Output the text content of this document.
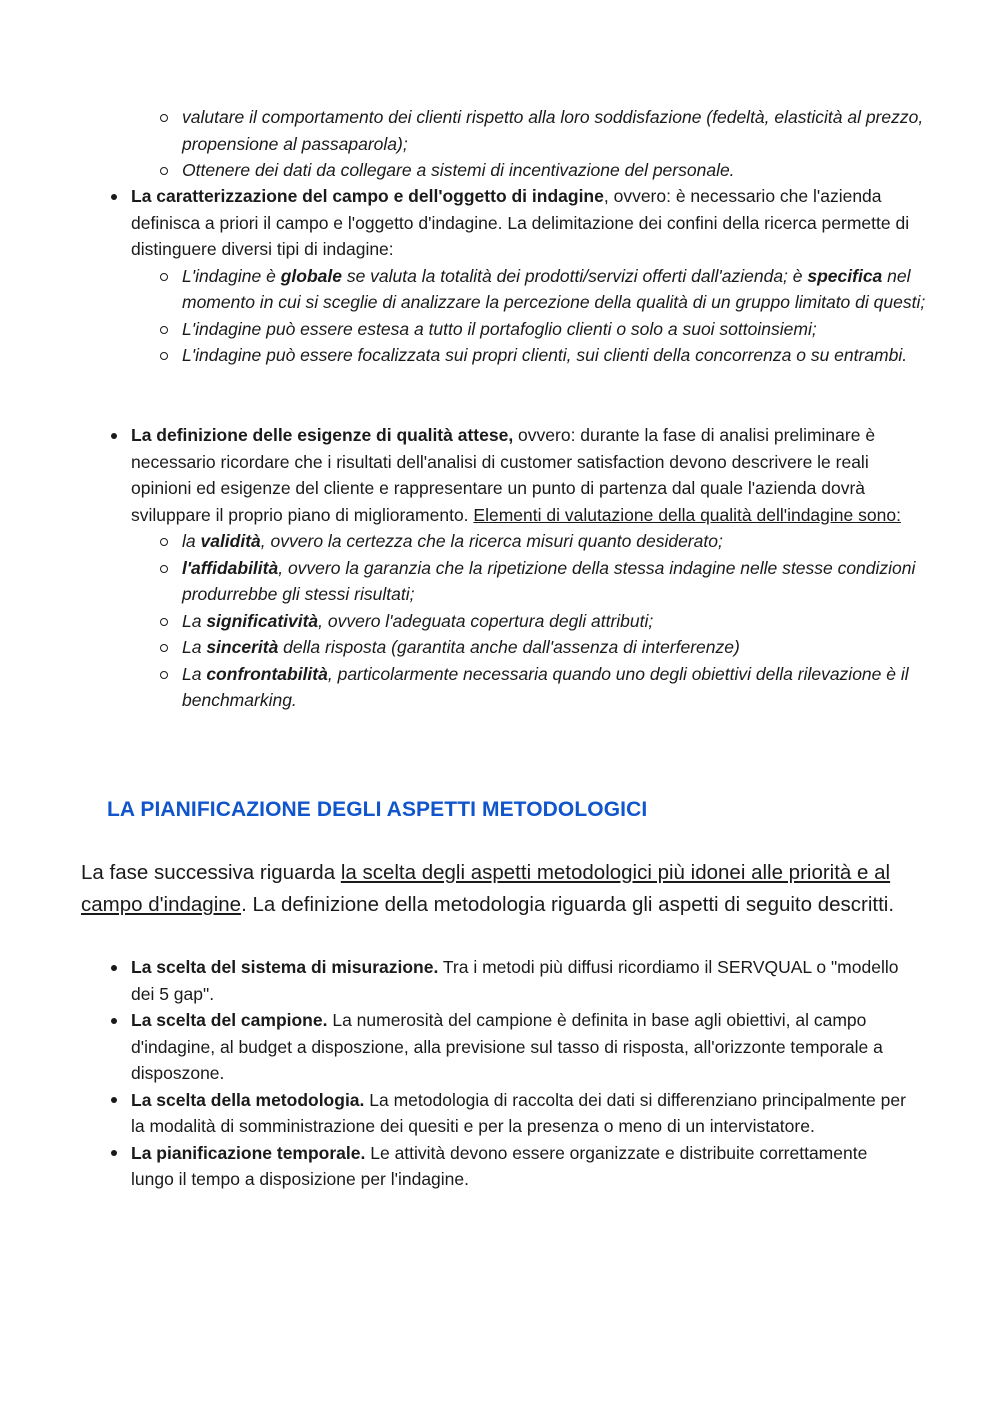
valutare il comportamento dei clienti rispetto alla loro soddisfazione (fedeltà, elasticità al prezzo, propensione al passaparola);
Ottenere dei dati da collegare a sistemi di incentivazione del personale.
La caratterizzazione del campo e dell'oggetto di indagine, ovvero: è necessario che l'azienda definisca a priori il campo e l'oggetto d'indagine. La delimitazione dei confini della ricerca permette di distinguere diversi tipi di indagine:
L'indagine è globale se valuta la totalità dei prodotti/servizi offerti dall'azienda; è specifica nel momento in cui si sceglie di analizzare la percezione della qualità di un gruppo limitato di questi;
L'indagine può essere estesa a tutto il portafoglio clienti o solo a suoi sottoinsiemi;
L'indagine può essere focalizzata sui propri clienti, sui clienti della concorrenza o su entrambi.
La definizione delle esigenze di qualità attese, ovvero: durante la fase di analisi preliminare è necessario ricordare che i risultati dell'analisi di customer satisfaction devono descrivere le reali opinioni ed esigenze del cliente e rappresentare un punto di partenza dal quale l'azienda dovrà sviluppare il proprio piano di miglioramento. Elementi di valutazione della qualità dell'indagine sono:
la validità, ovvero la certezza che la ricerca misuri quanto desiderato;
l'affidabilità, ovvero la garanzia che la ripetizione della stessa indagine nelle stesse condizioni produrrebbe gli stessi risultati;
La significatività, ovvero l'adeguata copertura degli attributi;
La sincerità della risposta (garantita anche dall'assenza di interferenze)
La confrontabilità, particolarmente necessaria quando uno degli obiettivi della rilevazione è il benchmarking.
LA PIANIFICAZIONE DEGLI ASPETTI METODOLOGICI
La fase successiva riguarda la scelta degli aspetti metodologici più idonei alle priorità e al campo d'indagine. La definizione della metodologia riguarda gli aspetti di seguito descritti.
La scelta del sistema di misurazione. Tra i metodi più diffusi ricordiamo il SERVQUAL o "modello dei 5 gap".
La scelta del campione. La numerosità del campione è definita in base agli obiettivi, al campo d'indagine, al budget a disposzione, alla previsione sul tasso di risposta, all'orizzonte temporale a disposzone.
La scelta della metodologia. La metodologia di raccolta dei dati si differenziano principalmente per la modalità di somministrazione dei quesiti e per la presenza o meno di un intervistatore.
La pianificazione temporale. Le attività devono essere organizzate e distribuite correttamente lungo il tempo a disposizione per l'indagine.
